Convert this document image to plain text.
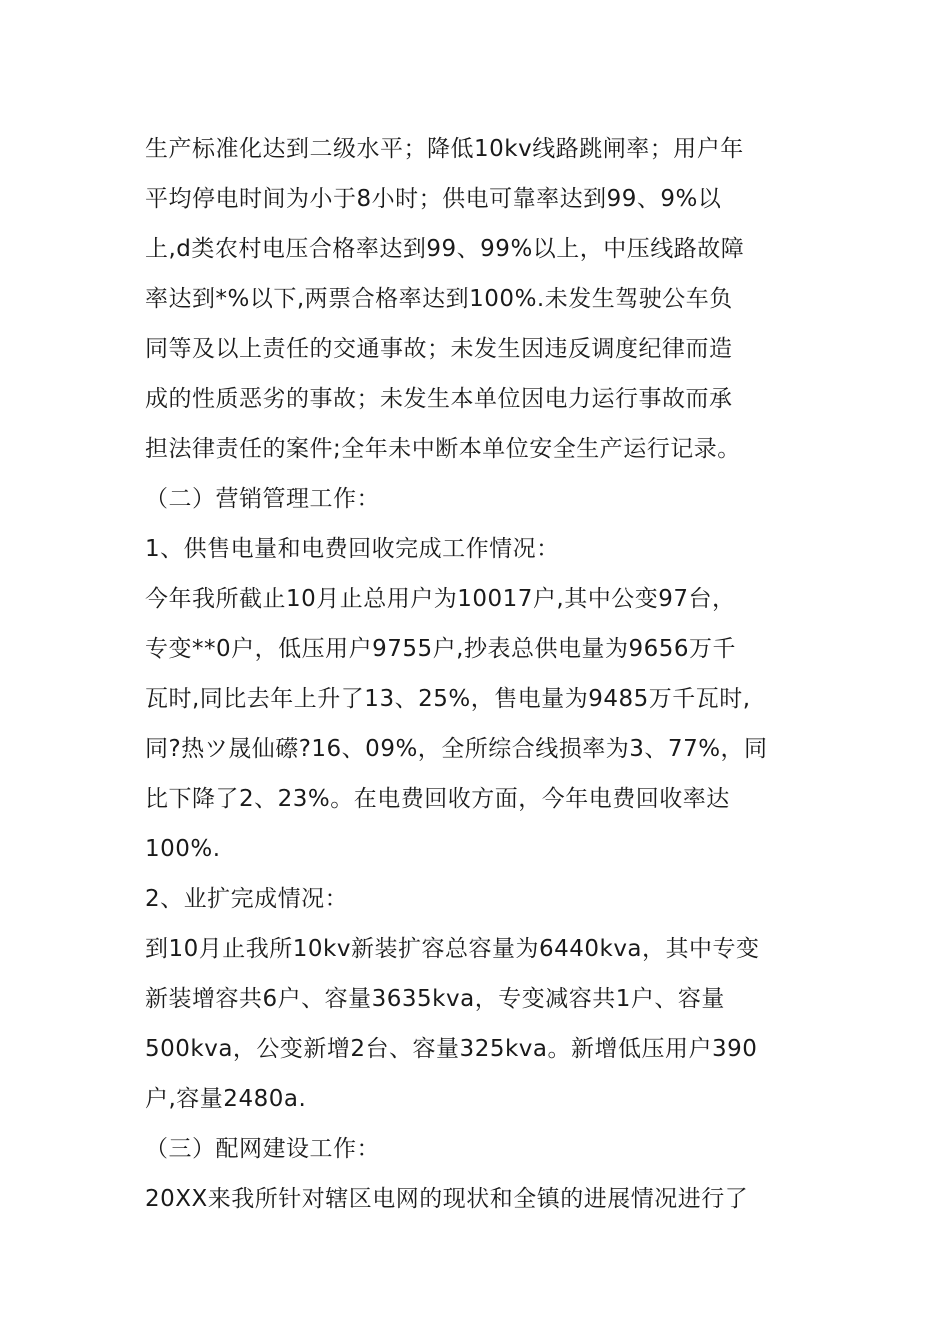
生产标准化达到二级水平；降低10kv线路跳闸率；用户年
平均停电时间为小于8小时；供电可靠率达到99、9%以
上,d类农村电压合格率达到99、99%以上，中压线路故障
率达到*%以下,两票合格率达到100%.未发生驾驶公车负
同等及以上责任的交通事故；未发生因违反调度纪律而造
成的性质恶劣的事故；未发生本单位因电力运行事故而承
担法律责任的案件;全年未中断本单位安全生产运行记录。
（二）营销管理工作：
1、供售电量和电费回收完成工作情况：
今年我所截止10月止总用户为10017户,其中公变97台，
专变**0户，低压用户9755户,抄表总供电量为9656万千
瓦时,同比去年上升了13、25%，售电量为9485万千瓦时,
同?热ツ晟仙礤?16、09%，全所综合线损率为3、77%，同
比下降了2、23%。在电费回收方面，今年电费回收率达
100%.
2、业扩完成情况：
到10月止我所10kv新装扩容总容量为6440kva，其中专变
新装增容共6户、容量3635kva，专变减容共1户、容量
500kva，公变新增2台、容量325kva。新增低压用户390
户,容量2480a.
（三）配网建设工作：
20XX来我所针对辖区电网的现状和全镇的进展情况进行了
